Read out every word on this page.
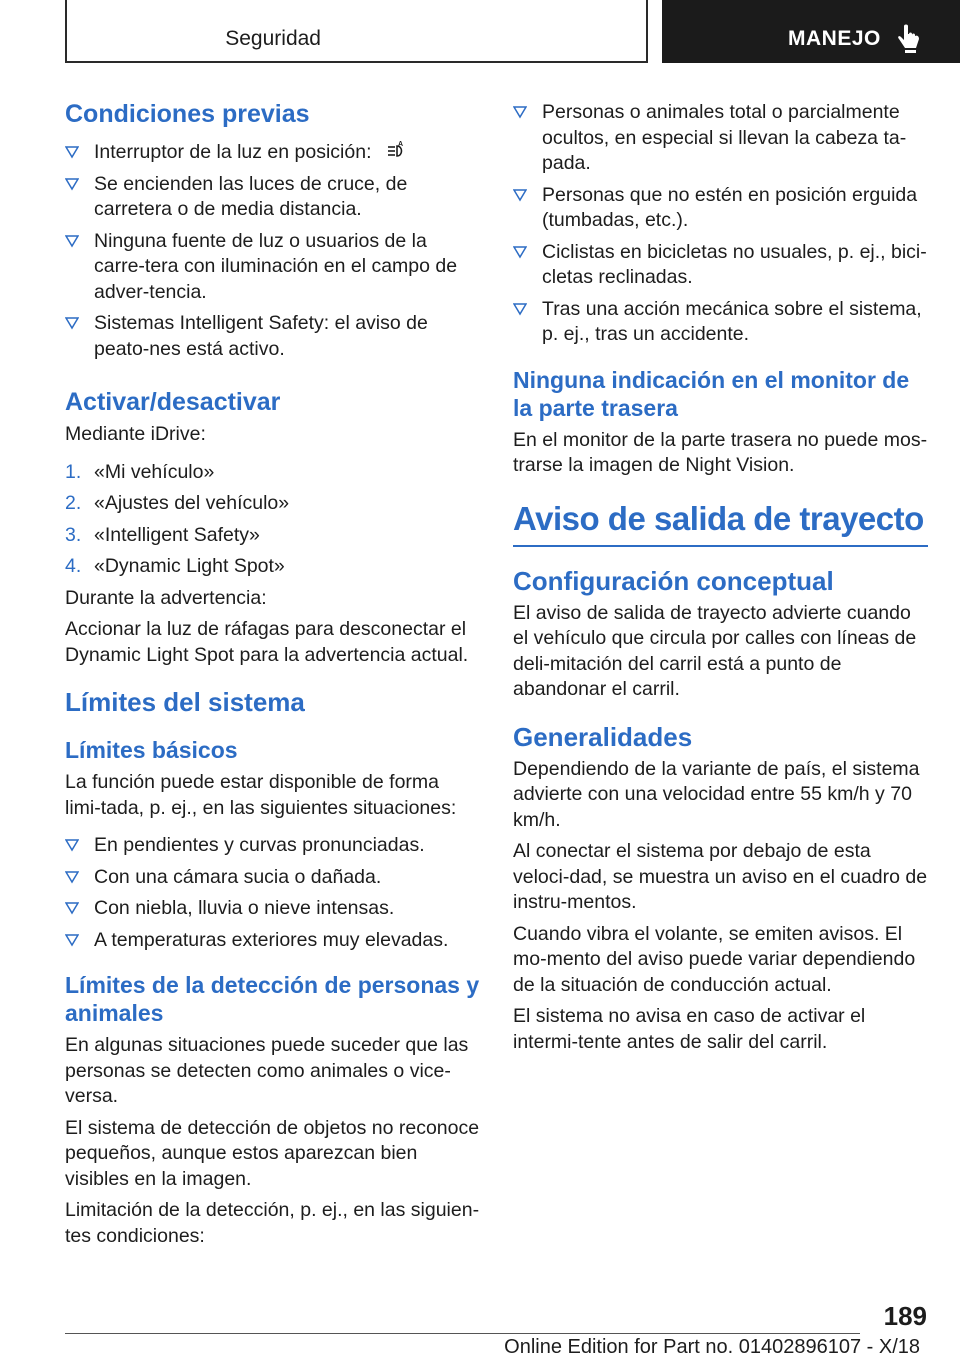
Seguridad	MANEJO
Condiciones previas
Interruptor de la luz en posición:	A
Se encienden las luces de cruce, de carretera o de media distancia.
Ninguna fuente de luz o usuarios de la carre‐tera con iluminación en el campo de adver‐tencia.
Sistemas Intelligent Safety: el aviso de peato‐nes está activo.
Activar/desactivar

Mediante iDrive:

1. «Mi vehículo»
2. «Ajustes del vehículo»
3. «Intelligent Safety»
4. «Dynamic Light Spot»

Durante la advertencia:

Accionar la luz de ráfagas para desconectar el Dynamic Light Spot para la advertencia actual.

Límites del sistema
Límites básicos

La función puede estar disponible de forma limi‐tada, p. ej., en las siguientes situaciones:

En pendientes y curvas pronunciadas.
Con una cámara sucia o dañada.
Con niebla, lluvia o nieve intensas.
A temperaturas exteriores muy elevadas.
Límites de la detección de personas y animales

En algunas situaciones puede suceder que las personas se detecten como animales o vice‐versa.

El sistema de detección de objetos no reconoce pequeños, aunque estos aparezcan bien visibles en la imagen.

Limitación de la detección, p. ej., en las siguien‐tes condiciones:

Personas o animales total o parcialmente ocultos, en especial si llevan la cabeza ta‐pada.
Personas que no estén en posición erguida (tumbadas, etc.).
Ciclistas en bicicletas no usuales, p. ej., bici‐cletas reclinadas.
Tras una acción mecánica sobre el sistema, p. ej., tras un accidente.
Ninguna indicación en el monitor de la parte trasera

En el monitor de la parte trasera no puede mos‐trarse la imagen de Night Vision.

Aviso de salida de trayecto
Configuración conceptual

El aviso de salida de trayecto advierte cuando el vehículo que circula por calles con líneas de deli‐mitación del carril está a punto de abandonar el carril.

Generalidades

Dependiendo de la variante de país, el sistema advierte con una velocidad entre 55 km/h y 70 km/h.

Al conectar el sistema por debajo de esta veloci‐dad, se muestra un aviso en el cuadro de instru‐mentos.

Cuando vibra el volante, se emiten avisos. El mo‐mento del aviso puede variar dependiendo de la situación de conducción actual.

El sistema no avisa en caso de activar el intermi‐tente antes de salir del carril.

189
Online Edition for Part no. 01402896107 - X/18
